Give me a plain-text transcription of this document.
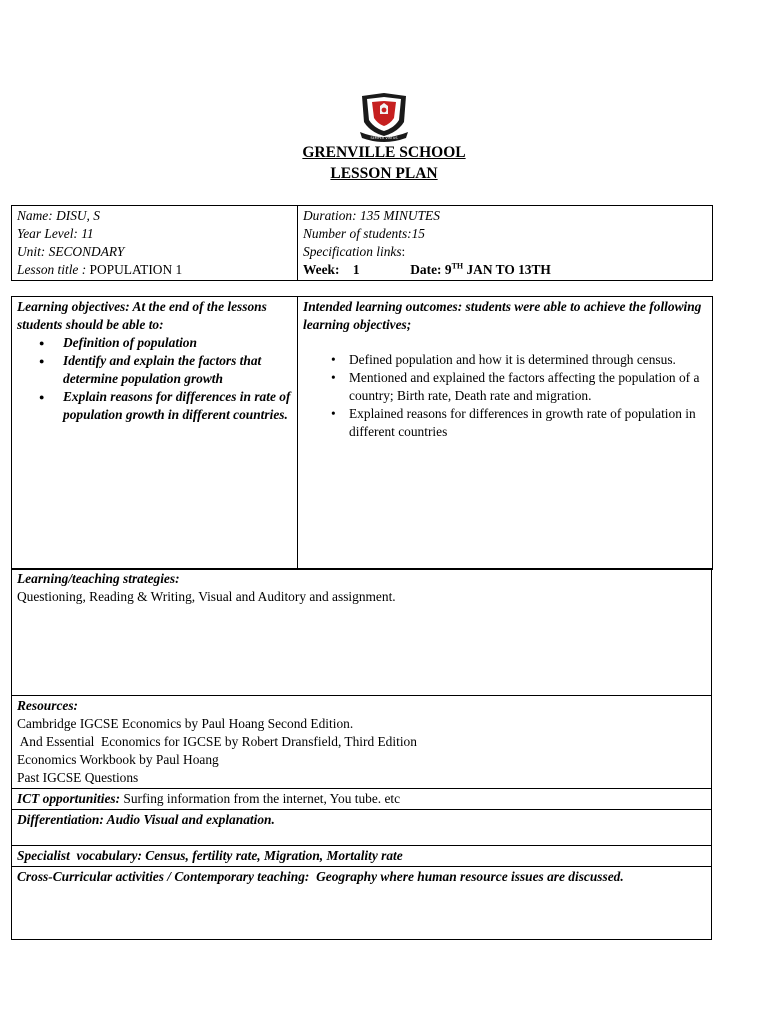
SEMPER VIRTUS
GRENVILLE SCHOOL
LESSON PLAN
Name: DISU, S
Year Level: 11
Unit: SECONDARY
Lesson title : POPULATION 1

Duration: 135 MINUTES
Number of students:15
Specification links:
Week: 1	Date: 9TH JAN TO 13TH
Learning objectives: At the end of the lessons students should be able to:
● Definition of population
● Identify and explain the factors that determine population growth
● Explain reasons for differences in rate of population growth in different countries.

Intended learning outcomes: students were able to achieve the following learning objectives;
• Defined population and how it is determined through census.
• Mentioned and explained the factors affecting the population of a country; Birth rate, Death rate and migration.
• Explained reasons for differences in growth rate of population in different countries
Learning/teaching strategies:
Questioning, Reading & Writing, Visual and Auditory and assignment.

Resources:
Cambridge IGCSE Economics by Paul Hoang Second Edition.
And Essential  Economics for IGCSE by Robert Dransfield, Third Edition
Economics Workbook by Paul Hoang
Past IGCSE Questions

ICT opportunities: Surfing information from the internet, You tube. etc

Differentiation: Audio Visual and explanation.

Specialist  vocabulary: Census, fertility rate, Migration, Mortality rate

Cross-Curricular activities / Contemporary teaching:  Geography where human resource issues are discussed.
